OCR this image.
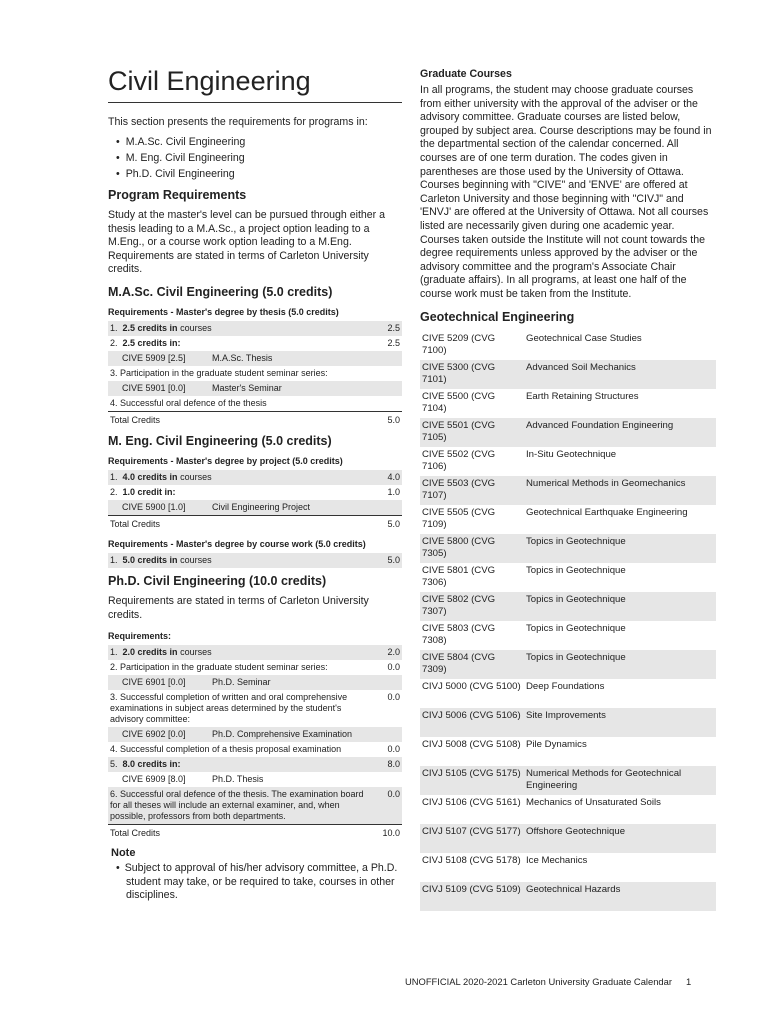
Civil Engineering

This section presents the requirements for programs in:

• M.A.Sc. Civil Engineering
• M. Eng. Civil Engineering
• Ph.D. Civil Engineering
Program Requirements

Study at the master's level can be pursued through either a thesis leading to a M.A.Sc., a project option leading to a M.Eng., or a course work option leading to a M.Eng. Requirements are stated in terms of Carleton University credits.

M.A.Sc. Civil Engineering (5.0 credits)
Requirements - Master's degree by thesis (5.0 credits)
1. 2.5 credits in courses	2.5
2. 2.5 credits in:	2.5
CIVE 5909 [2.5] M.A.Sc. Thesis	
3. Participation in the graduate student seminar series:	
CIVE 5901 [0.0] Master's Seminar	
4. Successful oral defence of the thesis	
Total Credits	5.0
M. Eng. Civil Engineering (5.0 credits)
Requirements - Master's degree by project (5.0 credits)
1. 4.0 credits in courses	4.0
2. 1.0 credit in:	1.0
CIVE 5900 [1.0] Civil Engineering Project	
Total Credits	5.0
Requirements - Master's degree by course work (5.0 credits)
1. 5.0 credits in courses	5.0
Ph.D. Civil Engineering (10.0 credits)

Requirements are stated in terms of Carleton University credits.

Requirements:
1. 2.0 credits in courses	2.0
2. Participation in the graduate student seminar series:	0.0
CIVE 6901 [0.0] Ph.D. Seminar	
3. Successful completion of written and oral comprehensive examinations in subject areas determined by the student's advisory committee:	0.0
CIVE 6902 [0.0] Ph.D. Comprehensive Examination	
4. Successful completion of a thesis proposal examination	0.0
5. 8.0 credits in:	8.0
CIVE 6909 [8.0] Ph.D. Thesis	
6. Successful oral defence of the thesis. The examination board for all theses will include an external examiner, and, when possible, professors from both departments.	0.0
Total Credits	10.0
Note
• Subject to approval of his/her advisory committee, a Ph.D. student may take, or be required to take, courses in other disciplines.
Graduate Courses

In all programs, the student may choose graduate courses from either university with the approval of the adviser or the advisory committee. Graduate courses are listed below, grouped by subject area. Course descriptions may be found in the departmental section of the calendar concerned. All courses are of one term duration. The codes given in parentheses are those used by the University of Ottawa. Courses beginning with "CIVE" and 'ENVE' are offered at Carleton University and those beginning with "CIVJ" and 'ENVJ' are offered at the University of Ottawa. Not all courses listed are necessarily given during one academic year. Courses taken outside the Institute will not count towards the degree requirements unless approved by the adviser or the advisory committee and the program's Associate Chair (graduate affairs). In all programs, at least one half of the course work must be taken from the Institute.

Geotechnical Engineering
CIVE 5209 (CVG 7100)	Geotechnical Case Studies
CIVE 5300 (CVG 7101)	Advanced Soil Mechanics
CIVE 5500 (CVG 7104)	Earth Retaining Structures
CIVE 5501 (CVG 7105)	Advanced Foundation Engineering
CIVE 5502 (CVG 7106)	In-Situ Geotechnique
CIVE 5503 (CVG 7107)	Numerical Methods in Geomechanics
CIVE 5505 (CVG 7109)	Geotechnical Earthquake Engineering
CIVE 5800 (CVG 7305)	Topics in Geotechnique
CIVE 5801 (CVG 7306)	Topics in Geotechnique
CIVE 5802 (CVG 7307)	Topics in Geotechnique
CIVE 5803 (CVG 7308)	Topics in Geotechnique
CIVE 5804 (CVG 7309)	Topics in Geotechnique
CIVJ 5000 (CVG 5100)	Deep Foundations
CIVJ 5006 (CVG 5106)	Site Improvements
CIVJ 5008 (CVG 5108)	Pile Dynamics
CIVJ 5105 (CVG 5175)	Numerical Methods for Geotechnical Engineering
CIVJ 5106 (CVG 5161)	Mechanics of Unsaturated Soils
CIVJ 5107 (CVG 5177)	Offshore Geotechnique
CIVJ 5108 (CVG 5178)	Ice Mechanics
CIVJ 5109 (CVG 5109)	Geotechnical Hazards
UNOFFICIAL 2020-2021 Carleton University Graduate Calendar 1
